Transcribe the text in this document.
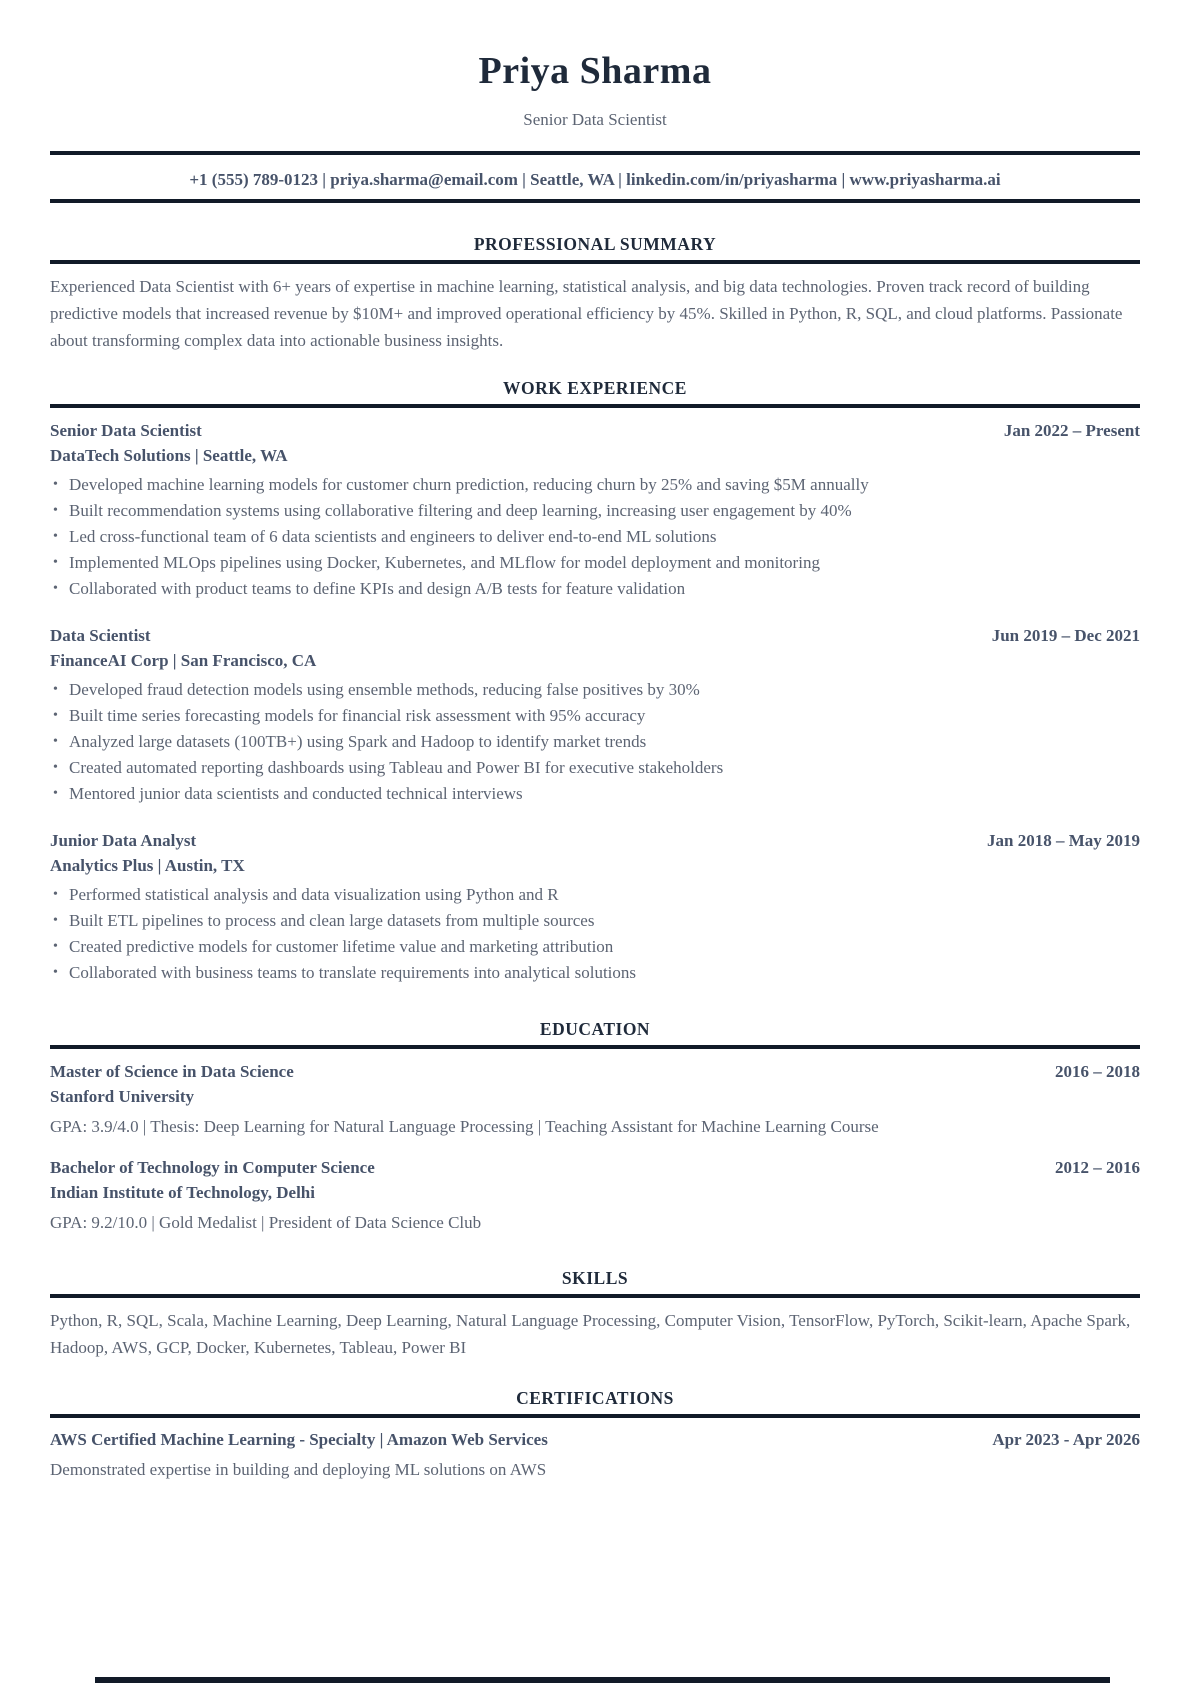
Priya Sharma
Senior Data Scientist
+1 (555) 789-0123 | priya.sharma@email.com | Seattle, WA | linkedin.com/in/priyasharma | www.priyasharma.ai
PROFESSIONAL SUMMARY

Experienced Data Scientist with 6+ years of expertise in machine learning, statistical analysis, and big data technologies. Proven track record of building predictive models that increased revenue by $10M+ and improved operational efficiency by 45%. Skilled in Python, R, SQL, and cloud platforms. Passionate about transforming complex data into actionable business insights.

WORK EXPERIENCE
Senior Data Scientist	Jan 2022 – Present
DataTech Solutions | Seattle, WA
• Developed machine learning models for customer churn prediction, reducing churn by 25% and saving $5M annually
• Built recommendation systems using collaborative filtering and deep learning, increasing user engagement by 40%
• Led cross-functional team of 6 data scientists and engineers to deliver end-to-end ML solutions
• Implemented MLOps pipelines using Docker, Kubernetes, and MLflow for model deployment and monitoring
• Collaborated with product teams to define KPIs and design A/B tests for feature validation
Data Scientist	Jun 2019 – Dec 2021
FinanceAI Corp | San Francisco, CA
• Developed fraud detection models using ensemble methods, reducing false positives by 30%
• Built time series forecasting models for financial risk assessment with 95% accuracy
• Analyzed large datasets (100TB+) using Spark and Hadoop to identify market trends
• Created automated reporting dashboards using Tableau and Power BI for executive stakeholders
• Mentored junior data scientists and conducted technical interviews
Junior Data Analyst	Jan 2018 – May 2019
Analytics Plus | Austin, TX
• Performed statistical analysis and data visualization using Python and R
• Built ETL pipelines to process and clean large datasets from multiple sources
• Created predictive models for customer lifetime value and marketing attribution
• Collaborated with business teams to translate requirements into analytical solutions
EDUCATION
Master of Science in Data Science	2016 – 2018
Stanford University
GPA: 3.9/4.0 | Thesis: Deep Learning for Natural Language Processing | Teaching Assistant for Machine Learning Course
Bachelor of Technology in Computer Science	2012 – 2016
Indian Institute of Technology, Delhi
GPA: 9.2/10.0 | Gold Medalist | President of Data Science Club
SKILLS

Python, R, SQL, Scala, Machine Learning, Deep Learning, Natural Language Processing, Computer Vision, TensorFlow, PyTorch, Scikit-learn, Apache Spark, Hadoop, AWS, GCP, Docker, Kubernetes, Tableau, Power BI

CERTIFICATIONS
AWS Certified Machine Learning - Specialty | Amazon Web Services	Apr 2023 - Apr 2026
Demonstrated expertise in building and deploying ML solutions on AWS
